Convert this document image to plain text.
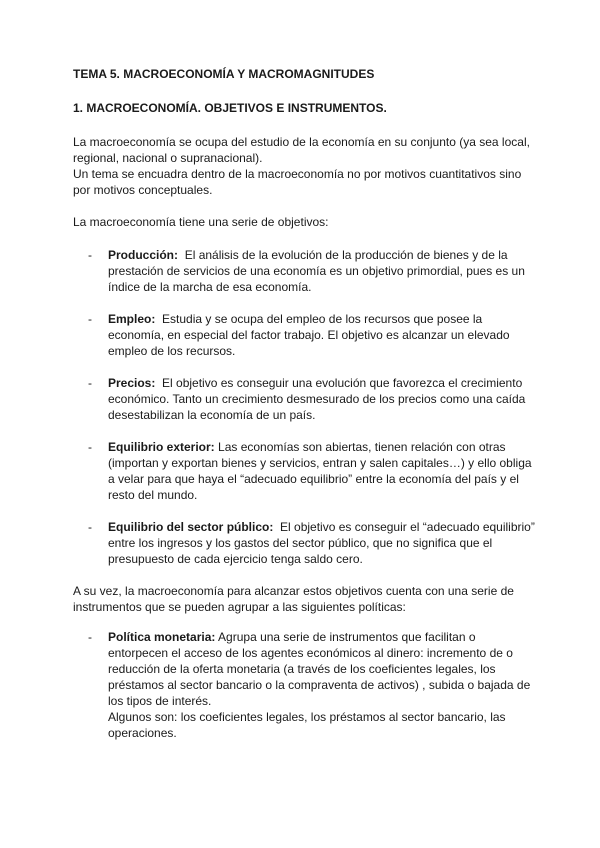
TEMA 5. MACROECONOMÍA Y MACROMAGNITUDES
1. MACROECONOMÍA. OBJETIVOS E INSTRUMENTOS.

La macroeconomía se ocupa del estudio de la economía en su conjunto (ya sea local, regional, nacional o supranacional).

Un tema se encuadra dentro de la macroeconomía no por motivos cuantitativos sino por motivos conceptuales.

La macroeconomía tiene una serie de objetivos:

- Producción: El análisis de la evolución de la producción de bienes y de la prestación de servicios de una economía es un objetivo primordial, pues es un índice de la marcha de esa economía.
- Empleo: Estudia y se ocupa del empleo de los recursos que posee la economía, en especial del factor trabajo. El objetivo es alcanzar un elevado empleo de los recursos.
- Precios: El objetivo es conseguir una evolución que favorezca el crecimiento económico. Tanto un crecimiento desmesurado de los precios como una caída desestabilizan la economía de un país.
- Equilibrio exterior: Las economías son abiertas, tienen relación con otras (importan y exportan bienes y servicios, entran y salen capitales…) y ello obliga a velar para que haya el “adecuado equilibrio” entre la economía del país y el resto del mundo.
- Equilibrio del sector público: El objetivo es conseguir el “adecuado equilibrio” entre los ingresos y los gastos del sector público, que no significa que el presupuesto de cada ejercicio tenga saldo cero.

A su vez, la macroeconomía para alcanzar estos objetivos cuenta con una serie de instrumentos que se pueden agrupar a las siguientes políticas:

- Política monetaria: Agrupa una serie de instrumentos que facilitan o entorpecen el acceso de los agentes económicos al dinero: incremento de o reducción de la oferta monetaria (a través de los coeficientes legales, los préstamos al sector bancario o la compraventa de activos) , subida o bajada de los tipos de interés.
Algunos son: los coeficientes legales, los préstamos al sector bancario, las operaciones.
